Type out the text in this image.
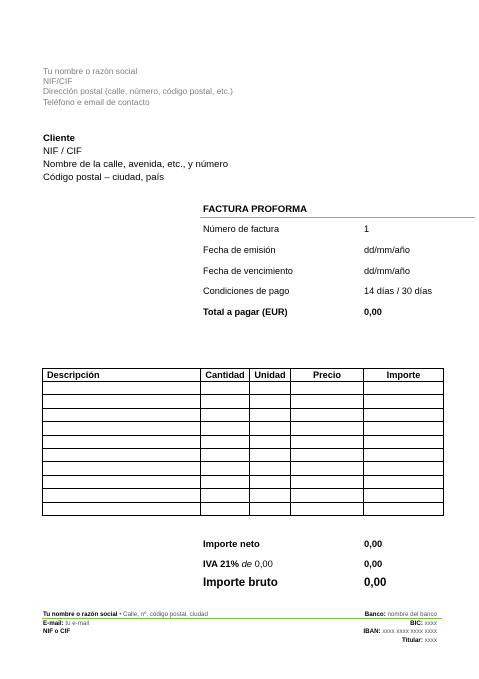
Tu nombre o razón social
NIF/CIF
Dirección postal (calle, número, código postal, etc.)
Teléfono e email de contacto
Cliente
NIF / CIF
Nombre de la calle, avenida, etc., y número
Código postal – ciudad, país
FACTURA PROFORMA
Número de factura	1
Fecha de emisión	dd/mm/año
Fecha de vencimiento	dd/mm/año
Condiciones de pago	14 días / 30 días
Total a pagar (EUR)	0,00
Descripción	Cantidad	Unidad	Precio	Importe

Importe neto	0,00
IVA 21% de 0,00	0,00
Importe bruto	0,00
Tu nombre o razón social • Calle, nº, código postal, ciudad
E-mail: tu e-mail
NIF o CIF
Banco: nombre del banco
BIC: xxxx
IBAN: xxxx xxxx xxxx xxxx
Titular: xxxx
